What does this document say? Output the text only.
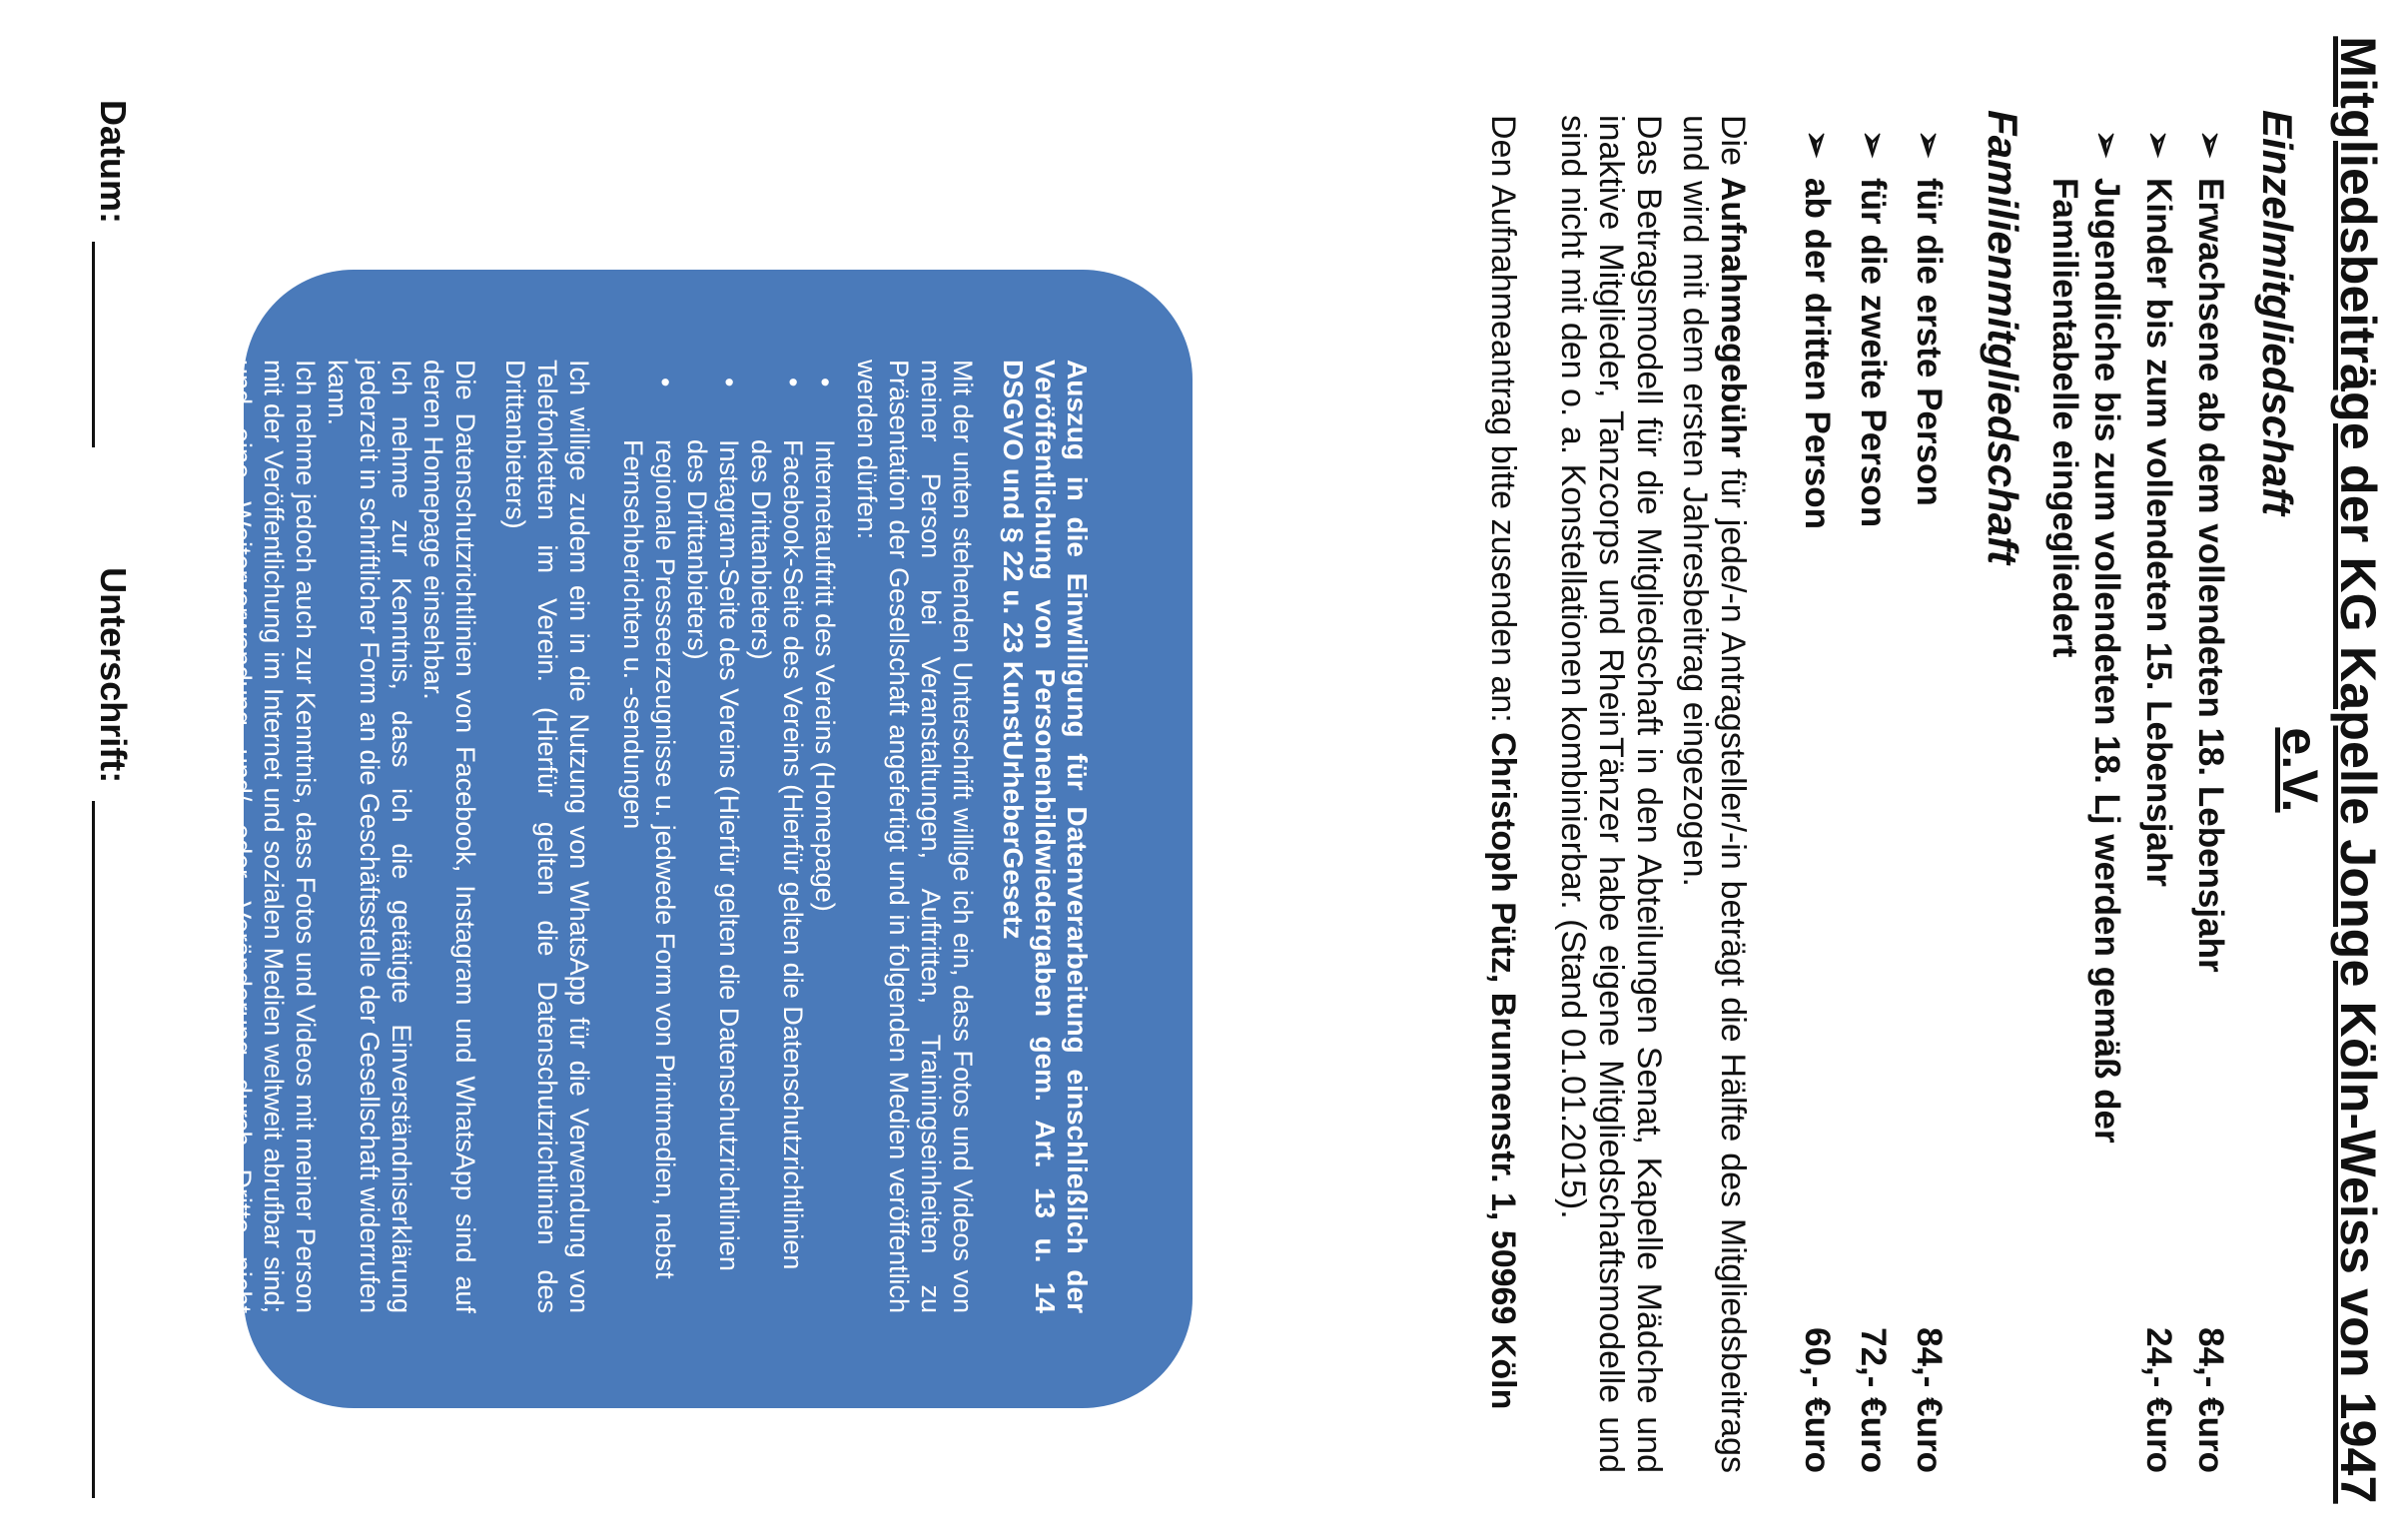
Mitgliedsbeiträge der KG Kapelle Jonge Köln-Weiss von 1947 e.V.
Einzelmitgliedschaft
➢
Erwachsene ab dem vollendeten 18. Lebensjahr
84,- €uro
➢
Kinder bis zum vollendeten 15. Lebensjahr
24,- €uro
➢
Jugendliche bis zum vollendeten 18. Lj werden gemäß der Familientabelle eingegliedert
Familienmitgliedschaft
➢
für die erste Person
84,- €uro
➢
für die zweite Person
72,- €uro
➢
ab der dritten Person
60,- €uro
Die Aufnahmegebühr für jede/-n Antragsteller/-in beträgt die Hälfte des Mitgliedsbeitrags und wird mit dem ersten Jahresbeitrag eingezogen.
Das Betragsmodell für die Mitgliedschaft in den Abteilungen Senat, Kapelle Mädche und inaktive Mitglieder, Tanzcorps und RheinTänzer habe eigene Mitgliedschaftsmodelle und sind nicht mit den o. a. Konstellationen kombinierbar. (Stand 01.01.2015).
Den Aufnahmeantrag bitte zusenden an: Christoph Pütz, Brunnenstr. 1, 50969 Köln
Auszug in die Einwilligung für Datenverarbeitung einschließlich der Veröffentlichung von Personenbildwiedergaben gem. Art. 13 u. 14 DSGVO und § 22 u. 23 KunstUrheberGesetz
Mit der unten stehenden Unterschrift willige ich ein, dass Fotos und Videos von meiner Person bei Veranstaltungen, Auftritten, Trainingseinheiten zu Präsentation der Gesellschaft angefertigt und in folgenden Medien veröffentlich werden dürfen:
•
Internetauftritt des Vereins (Homepage)
•
Facebook-Seite des Vereins (Hierfür gelten die Datenschutzrichtlinien des Drittanbieters)
•
Instagram-Seite des Vereins (Hierfür gelten die Datenschutzrichtlinien des Drittanbieters)
•
regionale Presseerzeugnisse u. jedwede Form von Printmedien, nebst Fernsehberichten u. -sendungen
Ich willige zudem ein in die Nutzung von WhatsApp für die Verwendung von Telefonketten im Verein. (Hierfür gelten die Datenschutzrichtlinien des Drittanbieters)
Die Datenschutzrichtlinien von Facebook, Instagram und WhatsApp sind auf deren Homepage einsehbar.
Ich nehme zur Kenntnis, dass ich die getätigte Einverständniserklärung jederzeit in schriftlicher Form an die Geschäftsstelle der Gesellschaft widerrufen kann.
Ich nehme jedoch auch zur Kenntnis, dass Fotos und Videos mit meiner Person mit der Veröffentlichung im Internet und sozialen Medien weltweit abrufbar sind; und eine Weiterverwendung und/ oder Veränderung durch Dritte nicht ausgeschlossen werden kann.
Die vollständige Einwilligungserklärung wird mit der Annahmebestätigung zugestellt.
Datum:
Unterschrift:
